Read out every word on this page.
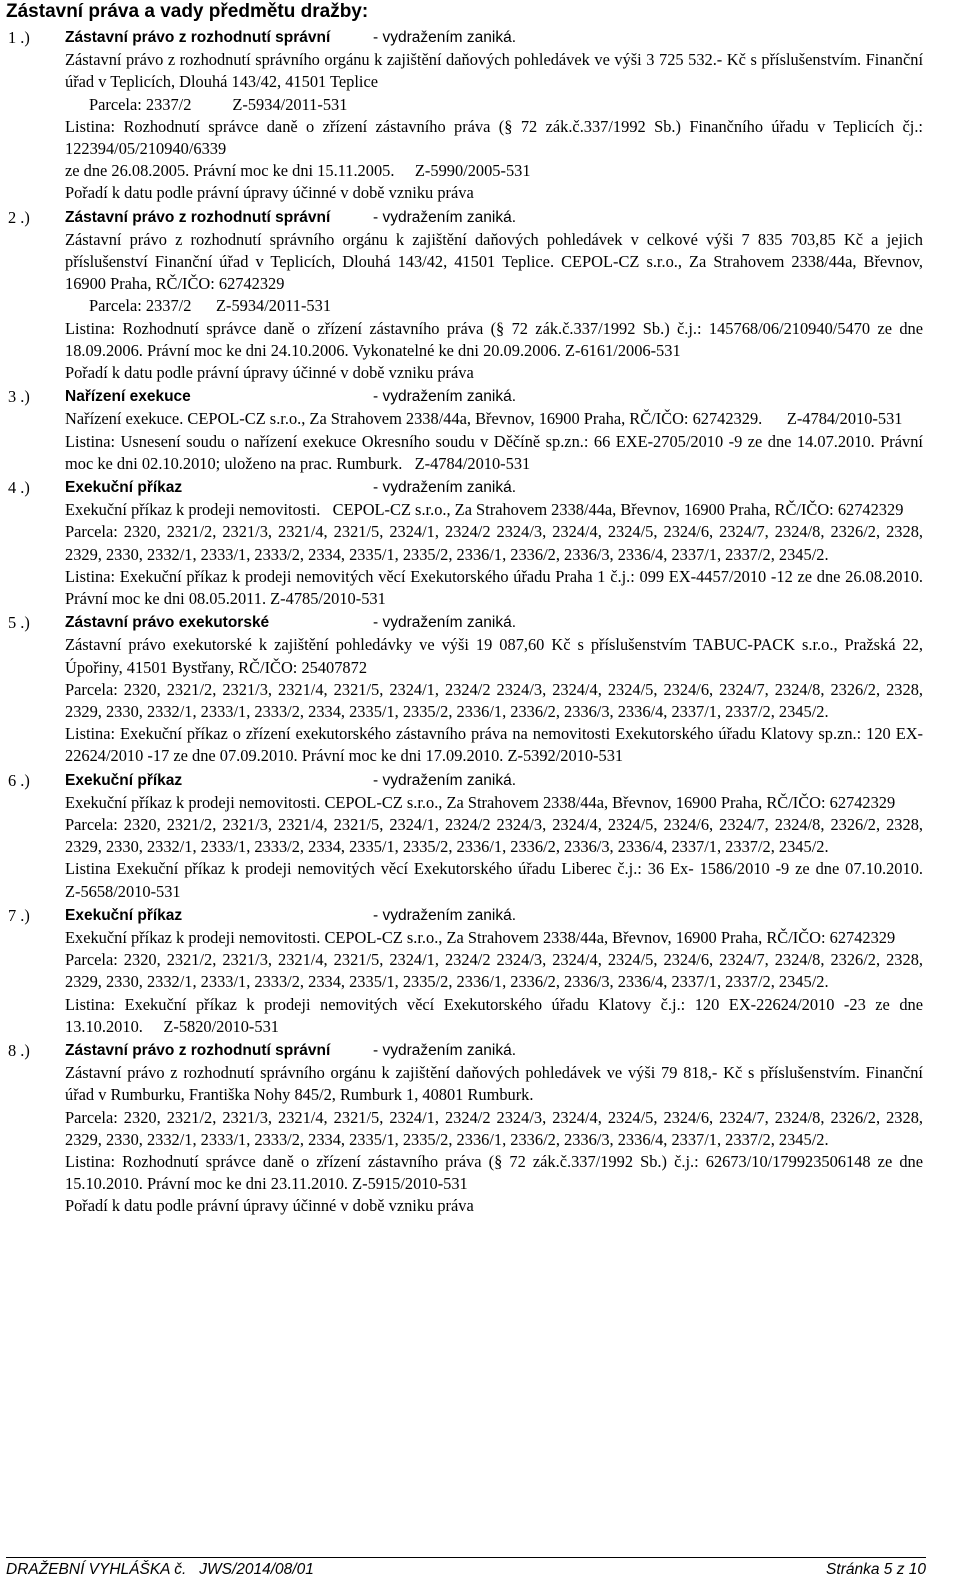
Zástavní práva a vady předmětu dražby:
1 .) Zástavní právo z rozhodnutí správní	- vydražením zaniká.

Zástavní právo z rozhodnutí správního orgánu k zajištění daňových pohledávek ve výši 3 725 532.- Kč s příslušenstvím. Finanční úřad v Teplicích, Dlouhá 143/42, 41501 Teplice

Parcela: 2337/2          Z-5934/2011-531

Listina: Rozhodnutí správce daně o zřízení zástavního práva (§ 72 zák.č.337/1992 Sb.) Finančního úřadu v Teplicích čj.: 122394/05/210940/6339

ze dne 26.08.2005. Právní moc ke dni 15.11.2005.     Z-5990/2005-531

Pořadí k datu podle právní úpravy účinné v době vzniku práva

2 .) Zástavní právo z rozhodnutí správní	- vydražením zaniká.

Zástavní právo z rozhodnutí správního orgánu k zajištění daňových pohledávek v celkové výši 7 835 703,85 Kč a jejich příslušenství Finanční úřad v Teplicích, Dlouhá 143/42, 41501 Teplice. CEPOL-CZ s.r.o., Za Strahovem 2338/44a, Břevnov, 16900 Praha, RČ/IČO: 62742329

Parcela: 2337/2      Z-5934/2011-531

Listina: Rozhodnutí správce daně o zřízení zástavního práva (§ 72 zák.č.337/1992 Sb.) č.j.: 145768/06/210940/5470 ze dne 18.09.2006. Právní moc ke dni 24.10.2006. Vykonatelné ke dni 20.09.2006. Z-6161/2006-531

Pořadí k datu podle právní úpravy účinné v době vzniku práva

3 .) Nařízení exekuce	- vydražením zaniká.

Nařízení exekuce. CEPOL-CZ s.r.o., Za Strahovem 2338/44a, Břevnov, 16900 Praha, RČ/IČO: 62742329.      Z-4784/2010-531

Listina: Usnesení soudu o nařízení exekuce Okresního soudu v Děčíně sp.zn.: 66 EXE-2705/2010 -9 ze dne 14.07.2010. Právní moc ke dni 02.10.2010; uloženo na prac. Rumburk.   Z-4784/2010-531

4 .) Exekuční příkaz	- vydražením zaniká.

Exekuční příkaz k prodeji nemovitosti.   CEPOL-CZ s.r.o., Za Strahovem 2338/44a, Břevnov, 16900 Praha, RČ/IČO: 62742329

Parcela: 2320, 2321/2, 2321/3, 2321/4, 2321/5, 2324/1, 2324/2 2324/3, 2324/4, 2324/5, 2324/6, 2324/7, 2324/8, 2326/2, 2328, 2329, 2330, 2332/1, 2333/1, 2333/2, 2334, 2335/1, 2335/2, 2336/1, 2336/2, 2336/3, 2336/4, 2337/1, 2337/2, 2345/2.

Listina: Exekuční příkaz k prodeji nemovitých věcí Exekutorského úřadu Praha 1 č.j.: 099 EX-4457/2010 -12 ze dne 26.08.2010. Právní moc ke dni 08.05.2011. Z-4785/2010-531

5 .) Zástavní právo exekutorské	- vydražením zaniká.

Zástavní právo exekutorské k zajištění pohledávky ve výši 19 087,60 Kč s příslušenstvím TABUC-PACK s.r.o., Pražská 22, Úpořiny, 41501 Bystřany, RČ/IČO: 25407872

Parcela: 2320, 2321/2, 2321/3, 2321/4, 2321/5, 2324/1, 2324/2 2324/3, 2324/4, 2324/5, 2324/6, 2324/7, 2324/8, 2326/2, 2328, 2329, 2330, 2332/1, 2333/1, 2333/2, 2334, 2335/1, 2335/2, 2336/1, 2336/2, 2336/3, 2336/4, 2337/1, 2337/2, 2345/2.

Listina: Exekuční příkaz o zřízení exekutorského zástavního práva na nemovitosti Exekutorského úřadu Klatovy sp.zn.: 120 EX-22624/2010 -17 ze dne 07.09.2010. Právní moc ke dni 17.09.2010. Z-5392/2010-531

6 .) Exekuční příkaz	- vydražením zaniká.

Exekuční příkaz k prodeji nemovitosti. CEPOL-CZ s.r.o., Za Strahovem 2338/44a, Břevnov, 16900 Praha, RČ/IČO: 62742329

Parcela: 2320, 2321/2, 2321/3, 2321/4, 2321/5, 2324/1, 2324/2 2324/3, 2324/4, 2324/5, 2324/6, 2324/7, 2324/8, 2326/2, 2328, 2329, 2330, 2332/1, 2333/1, 2333/2, 2334, 2335/1, 2335/2, 2336/1, 2336/2, 2336/3, 2336/4, 2337/1, 2337/2, 2345/2.

Listina Exekuční příkaz k prodeji nemovitých věcí Exekutorského úřadu Liberec č.j.: 36 Ex- 1586/2010 -9 ze dne 07.10.2010.     Z-5658/2010-531

7 .) Exekuční příkaz	- vydražením zaniká.

Exekuční příkaz k prodeji nemovitosti. CEPOL-CZ s.r.o., Za Strahovem 2338/44a, Břevnov, 16900 Praha, RČ/IČO: 62742329

Parcela: 2320, 2321/2, 2321/3, 2321/4, 2321/5, 2324/1, 2324/2 2324/3, 2324/4, 2324/5, 2324/6, 2324/7, 2324/8, 2326/2, 2328, 2329, 2330, 2332/1, 2333/1, 2333/2, 2334, 2335/1, 2335/2, 2336/1, 2336/2, 2336/3, 2336/4, 2337/1, 2337/2, 2345/2.

Listina: Exekuční příkaz k prodeji nemovitých věcí Exekutorského úřadu Klatovy č.j.: 120 EX-22624/2010 -23 ze dne 13.10.2010.     Z-5820/2010-531

8 .) Zástavní právo z rozhodnutí správní	- vydražením zaniká.

Zástavní právo z rozhodnutí správního orgánu k zajištění daňových pohledávek ve výši 79 818,- Kč s příslušenstvím. Finanční úřad v Rumburku, Františka Nohy 845/2, Rumburk 1, 40801 Rumburk.

Parcela: 2320, 2321/2, 2321/3, 2321/4, 2321/5, 2324/1, 2324/2 2324/3, 2324/4, 2324/5, 2324/6, 2324/7, 2324/8, 2326/2, 2328, 2329, 2330, 2332/1, 2333/1, 2333/2, 2334, 2335/1, 2335/2, 2336/1, 2336/2, 2336/3, 2336/4, 2337/1, 2337/2, 2345/2.

Listina: Rozhodnutí správce daně o zřízení zástavního práva (§ 72 zák.č.337/1992 Sb.) č.j.: 62673/10/179923506148 ze dne 15.10.2010. Právní moc ke dni 23.11.2010. Z-5915/2010-531

Pořadí k datu podle právní úpravy účinné v době vzniku práva

DRAŽEBNÍ VYHLÁŠKA č.   JWS/2014/08/01	Stránka 5 z 10
